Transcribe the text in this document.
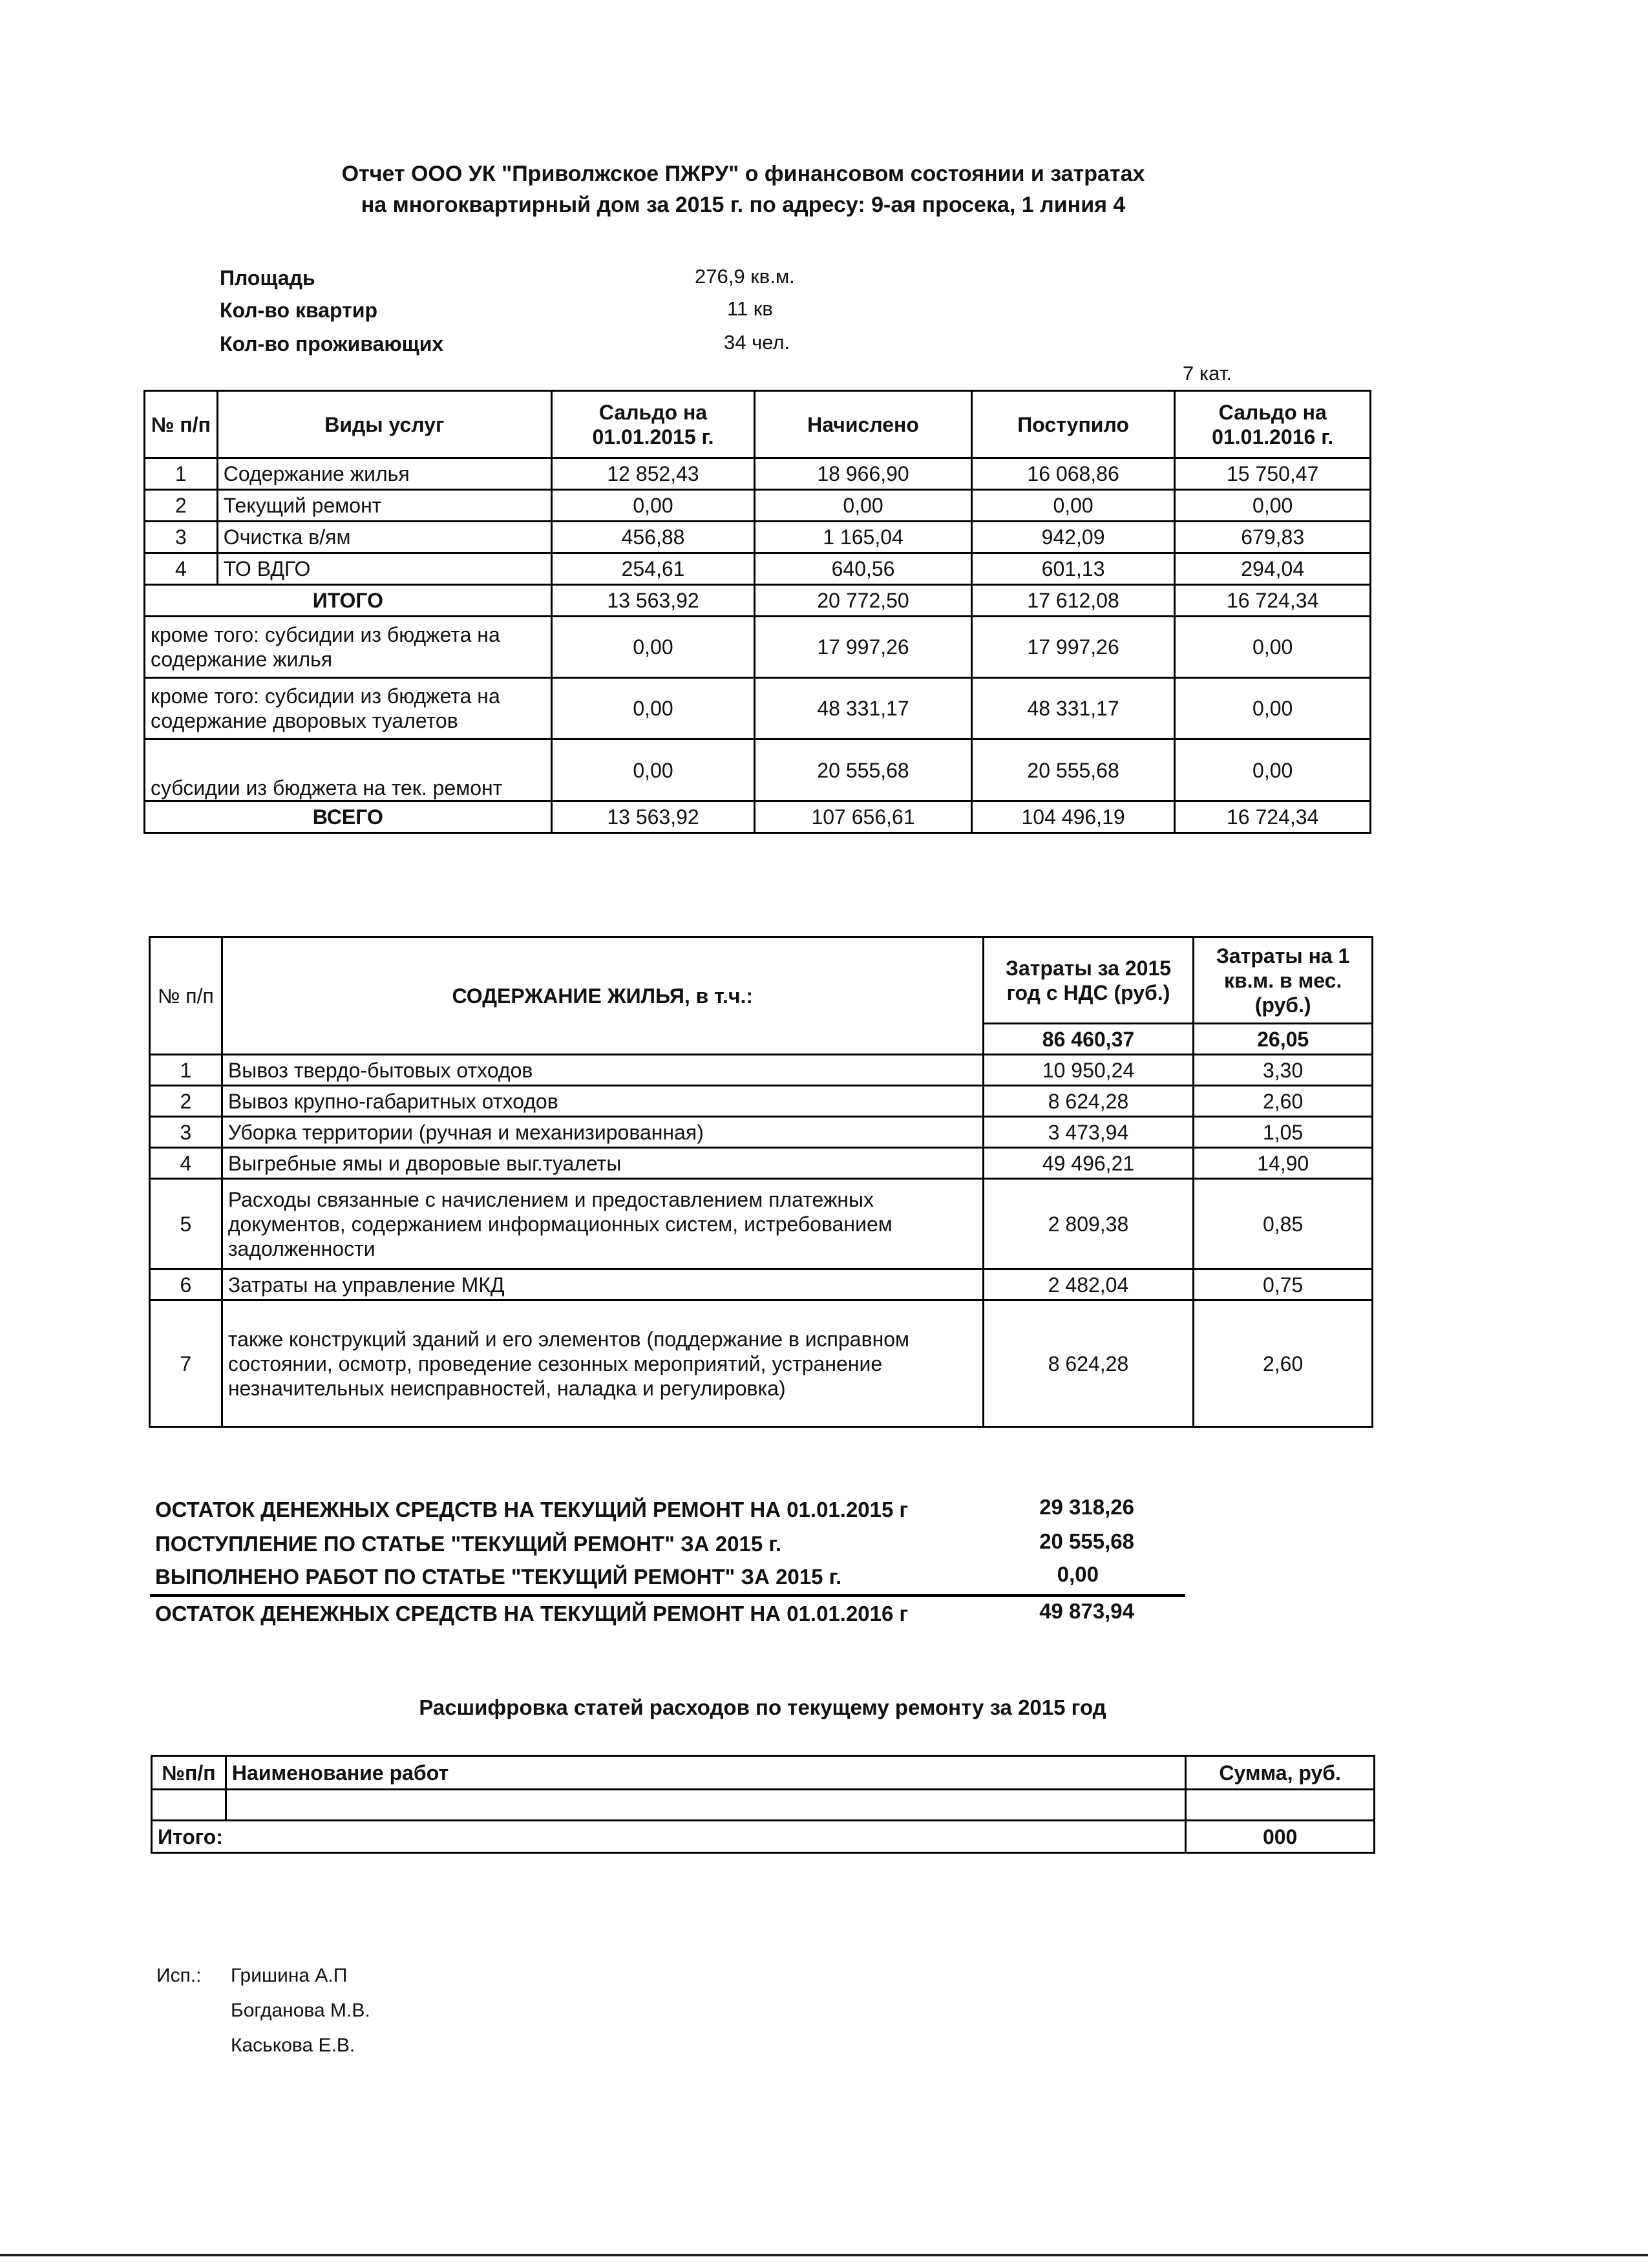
Отчет ООО УК "Приволжское ПЖРУ" о финансовом состоянии и затратах
на многоквартирный дом за 2015 г. по адресу: 9-ая просека, 1 линия 4
Площадь	276,9 кв.м.
Кол-во квартир	11 кв
Кол-во проживающих	34 чел.
7 кат.
№ п/п	Виды услуг	Сальдо на 01.01.2015 г.	Начислено	Поступило	Сальдо на 01.01.2016 г.
1	Содержание жилья	12 852,43	18 966,90	16 068,86	15 750,47
2	Текущий ремонт	0,00	0,00	0,00	0,00
3	Очистка в/ям	456,88	1 165,04	942,09	679,83
4	ТО ВДГО	254,61	640,56	601,13	294,04
ИТОГО		13 563,92	20 772,50	17 612,08	16 724,34
кроме того: субсидии из бюджета на содержание жилья		0,00	17 997,26	17 997,26	0,00
кроме того: субсидии из бюджета на содержание дворовых туалетов		0,00	48 331,17	48 331,17	0,00
субсидии из бюджета на тек. ремонт		0,00	20 555,68	20 555,68	0,00
ВСЕГО		13 563,92	107 656,61	104 496,19	16 724,34
№ п/п	СОДЕРЖАНИЕ ЖИЛЬЯ, в т.ч.:	Затраты за 2015 год с НДС (руб.)	Затраты на 1 кв.м. в мес. (руб.)
		86 460,37	26,05
1	Вывоз твердо-бытовых отходов	10 950,24	3,30
2	Вывоз крупно-габаритных отходов	8 624,28	2,60
3	Уборка территории (ручная и механизированная)	3 473,94	1,05
4	Выгребные ямы и дворовые выг.туалеты	49 496,21	14,90
5	Расходы связанные с начислением и предоставлением платежных документов, содержанием информационных систем, истребованием задолженности	2 809,38	0,85
6	Затраты на управление МКД	2 482,04	0,75
7	также конструкций зданий и его элементов (поддержание в исправном состоянии, осмотр, проведение сезонных мероприятий, устранение незначительных неисправностей, наладка и регулировка)	8 624,28	2,60
ОСТАТОК ДЕНЕЖНЫХ СРЕДСТВ НА ТЕКУЩИЙ РЕМОНТ НА 01.01.2015 г	29 318,26
ПОСТУПЛЕНИЕ ПО СТАТЬЕ "ТЕКУЩИЙ РЕМОНТ" ЗА 2015 г.	20 555,68
ВЫПОЛНЕНО РАБОТ ПО СТАТЬЕ "ТЕКУЩИЙ РЕМОНТ" ЗА 2015 г.	0,00
ОСТАТОК ДЕНЕЖНЫХ СРЕДСТВ НА ТЕКУЩИЙ РЕМОНТ НА 01.01.2016 г	49 873,94
Расшифровка статей расходов по текущему ремонту за 2015 год
№п/п	Наименование работ	Сумма, руб.

Итого:		000
Исп.: Гришина А.П
Богданова М.В.
Каськова Е.В.
